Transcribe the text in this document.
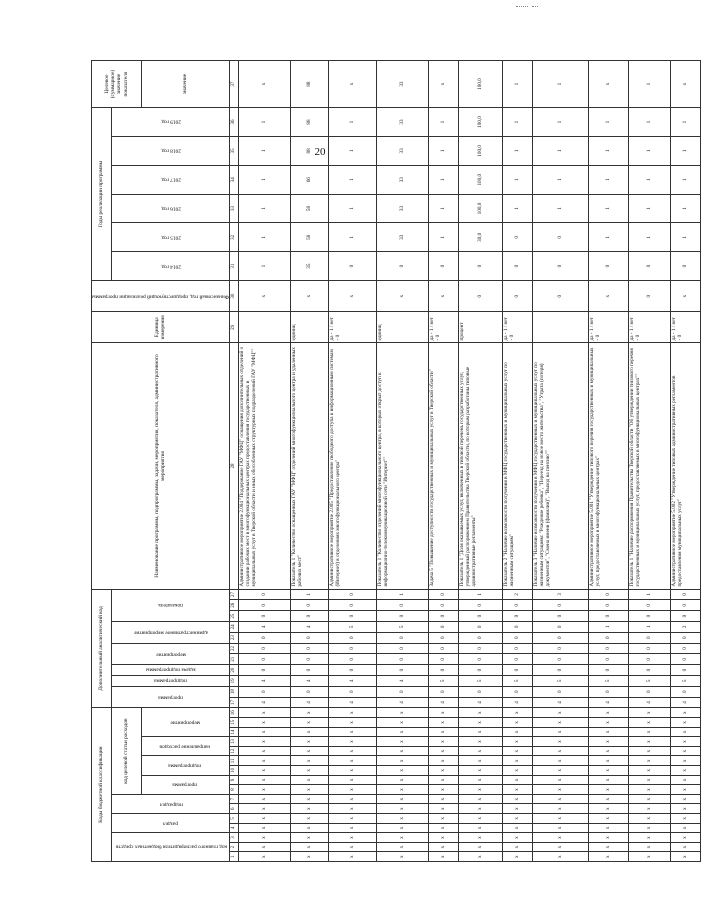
20
Коды бюджетной классификации																Дополнительный аналитический код											Наименование программы, подпрограммы, задачи, мероприятия, показателя, административного мероприятия	Единица измерения	Финансовый год, предшествующий реализации программы	Годы реализации программы						Целевое (суммарное) значение показателя
код главного распорядителя бюджетных средств			раздел		подраздел		код целевой статьи расходов									программа		подпрограмма	задача подпрограммы	мероприятие		административное мероприятие		показатель						2014 год	2015 год	2016 год	2017 год	2018 год	2019 год	
							программа		подпрограмма		направление расходов		мероприятие																							значение
1	2	3	4	5	6	7	8	9	10	11	12	13	14	15	16	17	18	19	20	21	22	23	24	25	26	27	28	29	30	31	32	33	34	35	36	37
х	х	х	х	х	х	х	х	х	х	х	х	х	х	х	х	4	0	4	0	0	0	0	4	0	0	0	Административное мероприятие 2.004 "Поддержание ГАУ "МФЦ" оснащения дополнительных отделений о создании рабочих мест в многофункциональных центрах предоставления государственных и муниципальных услуг в Тверской области и иных обособленных структурных подразделений ГАУ "МФЦ""		х	1	1	1	1	1	1	х
х	х	х	х	х	х	х	х	х	х	х	х	х	х	х	х	4	0	4	0	0	0	0	4	0	0	1	Показатель 1 "Количество оснащенных ГАУ "МФЦ" отделений многофункционального центра и удаленных рабочих мест"	единиц	х	35	58	58	66	88	88	88
х	х	х	х	х	х	х	х	х	х	х	х	х	х	х	х	4	0	4	0	0	0	0	5	0	0	0	Административное мероприятие 2.005 "Предоставление свободного доступа к информационным системам (Интернет) в отделениях многофункционального центра"	да - 1 / нет - 0	х	0	1	1	1	1	1	х
х	х	х	х	х	х	х	х	х	х	х	х	х	х	х	х	4	0	4	0	0	0	0	5	0	0	1	Показатель 1 "Количество отделений многофункционального центра, в которых открыт доступ к информационно-телекоммуникационной сети "Интернет""	единиц	х	0	33	33	33	33	33	33
х	х	х	х	х	х	х	х	х	х	х	х	х	х	х	х	4	0	5	0	0	0	0	0	0	0	0	Задача 5 "Повышение доступности государственных и муниципальных услуг в Тверской области"	да - 1 / нет - 0	х	0	1	1	1	1	1	х
х	х	х	х	х	х	х	х	х	х	х	х	х	х	х	х	4	0	5	0	0	0	0	0	0	0	1	Показатель 1 "Доля оказываемых услуг, включенных в типовой перечень государственных услуг, утвержденный распоряжением Правительства Тверской области, по которым разработаны типовые административные регламенты"	процент	0	0	30,0	100,0	100,0	100,0	100,0	100,0
х	х	х	х	х	х	х	х	х	х	х	х	х	х	х	х	4	0	5	0	0	0	0	0	0	0	2	Показатель 2 "Наличие возможности получения в МФЦ государственных и муниципальных услуг по жизненным ситуациям"	да - 1 / нет - 0	0	0	0	1	1	1	1	1
х	х	х	х	х	х	х	х	х	х	х	х	х	х	х	х	4	0	5	0	0	0	0	0	0	0	3	Показатель 3 "Наличие возможности получения в МФЦ государственных и муниципальных услуг по жизненным ситуациям: "Рождение ребенка", "Переезд на новое место жительства", "Утрата (потеря) документов", "Смена имени (фамилии)", "Выход на пенсию""		0	0	0	1	1	1	1	1
х	х	х	х	х	х	х	х	х	х	х	х	х	х	х	х	4	0	5	0	0	0	0	1	0	0	0	Административное мероприятие 5.001 "Утверждение типового перечня государственных и муниципальных услуг, предоставляемых в многофункциональных центрах"	да - 1 / нет - 0	х	0	1	1	1	1	1	х
х	х	х	х	х	х	х	х	х	х	х	х	х	х	х	х	4	0	5	0	0	0	0	1	0	0	1	Показатель 1 "Наличие распоряжения Правительства Тверской области "Об утверждении типового перечня государственных и муниципальных услуг, предоставляемых в многофункциональных центрах""	да - 1 / нет - 0	0	0	1	1	1	1	1	1
х	х	х	х	х	х	х	х	х	х	х	х	х	х	х	х	4	0	5	0	0	0	0	2	0	0	0	Административное мероприятие 5.002 "Утверждение типовых административных регламентов предоставления муниципальных услуг"	да - 1 / нет - 0	х	0	1	1	1	1	1	х
